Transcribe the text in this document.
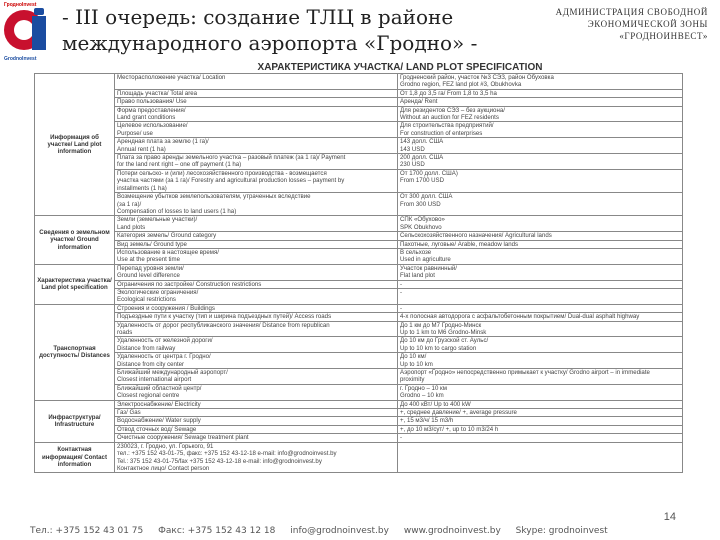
ГродноInvest
GrodnoInvest
- III очередь: создание ТЛЦ в районе международного аэропорта «Гродно» -
АДМИНИСТРАЦИЯ СВОБОДНОЙ ЭКОНОМИЧЕСКОЙ ЗОНЫ «ГРОДНОИНВЕСТ»
ХАРАКТЕРИСТИКА УЧАСТКА/ LAND PLOT SPECIFICATION
Информация об участке/ Land plot information	Месторасположение участка/ Location	Гродненский район, участок №3 СЭЗ, район Обуховка
Grodno region, FEZ land plot #3, Obukhovka

	Площадь участка/ Total area	От 1,8 до 3,5 га/ From 1,8 to 3,5 ha

	Право пользования/ Use	Аренда/ Rent

	Форма предоставления/
Land grant conditions	Для резидентов СЭЗ – без аукциона/
Without an auction for FEZ residents

	Целевое использование/
Purpose/ use	Для строительства предприятий/
For construction of enterprises

	Арендная плата за землю (1 га)/
Annual rent (1 ha)	143 долл. США
143 USD

	Плата за право аренды земельного участка – разовый платеж (за 1 га)/ Payment
for the land rent right – one off payment (1 ha)	200 долл. США
230 USD

	Потери сельско- и (или) лесохозяйственного производства - возмещается
участка частями (за 1 га)/ Forestry and agricultural production losses – payment by
installments (1 ha)	От 1700 долл. США)
From 1700 USD

	Возмещение убытков землепользователям, утраченных вследствие
(за 1 га)/
Compensation of losses to land users (1 ha)	От 300 долл. США
From 300 USD

Сведения о земельном участке/ Ground information	Земли (земельные участки)/
Land plots	СПК «Обухово»
SPK Obukhovo

	Категория земель/ Ground category	Сельскохозяйственного назначения/ Agricultural lands

	Вид земель/ Ground type	Пахотные, луговые/ Arable, meadow lands

	Использование в настоящее время/
Use at the present time	В сельхозе
Used in agriculture

Характеристика участка/ Land plot specification	Перепад уровня земли/
Ground level difference	Участок равнинный/
Flat land plot

	Ограничения по застройке/ Construction restrictions	-

	Экологические ограничения/
Ecological restrictions	-

Транспортная доступность/ Distances	Строения и сооружения / Buildings	-

	Подъездные пути к участку (тип и ширина подъездных путей)/ Access roads	4-х полосная автодорога с асфальтобетонным покрытием/ Dual-dual asphalt highway

	Удаленность от дорог республиканского значения/ Distance from republican
roads	До 1 км до М7 Гродно-Минск
Up to 1 km to M6 Grodno-Minsk

	Удаленность от железной дороги/
Distance from railway	До 10 км до Грузской ст. Аульс/
Up to 10 km to cargo station

	Удаленность от центра г. Гродно/
Distance from city center	До 10 км/
Up to 10 km

	Ближайший международный аэропорт/
Closest international airport	Аэропорт «Гродно» непосредственно примыкает к участку/ Grodno airport – in immediate
proximity

	Ближайший областной центр/
Closest regional centre	г. Гродно – 10 км
Grodno – 10 km

Инфраструктура/ Infrastructure	Электроснабжение/ Electricity	До 400 кВт/ Up to 400 kW

	Газ/ Gas	+, среднее давление/ +, average pressure

	Водоснабжение/ Water supply	+, 15 м3/ч/ 15 m3/h

	Отвод сточных вод/ Sewage	+, до 10 м3/сут/ +, up to 10 m3/24 h

	Очистные сооружения/ Sewage treatment plant	-

Контактная информация/ Contact information	230023, г. Гродно, ул. Горького, 91
тел.: +375 152 43-01-75, факс: +375 152 43-12-18 e-mail: info@grodnoinvest.by
Tel.: 375 152 43-01-75/fax +375 152 43-12-18 e-mail: info@grodnoinvest.by
Контактное лицо/ Contact person	

14
Тел.: +375 152 43 01 75 Факс: +375 152 43 12 18 info@grodnoinvest.by www.grodnoinvest.by Skype: grodnoinvest
